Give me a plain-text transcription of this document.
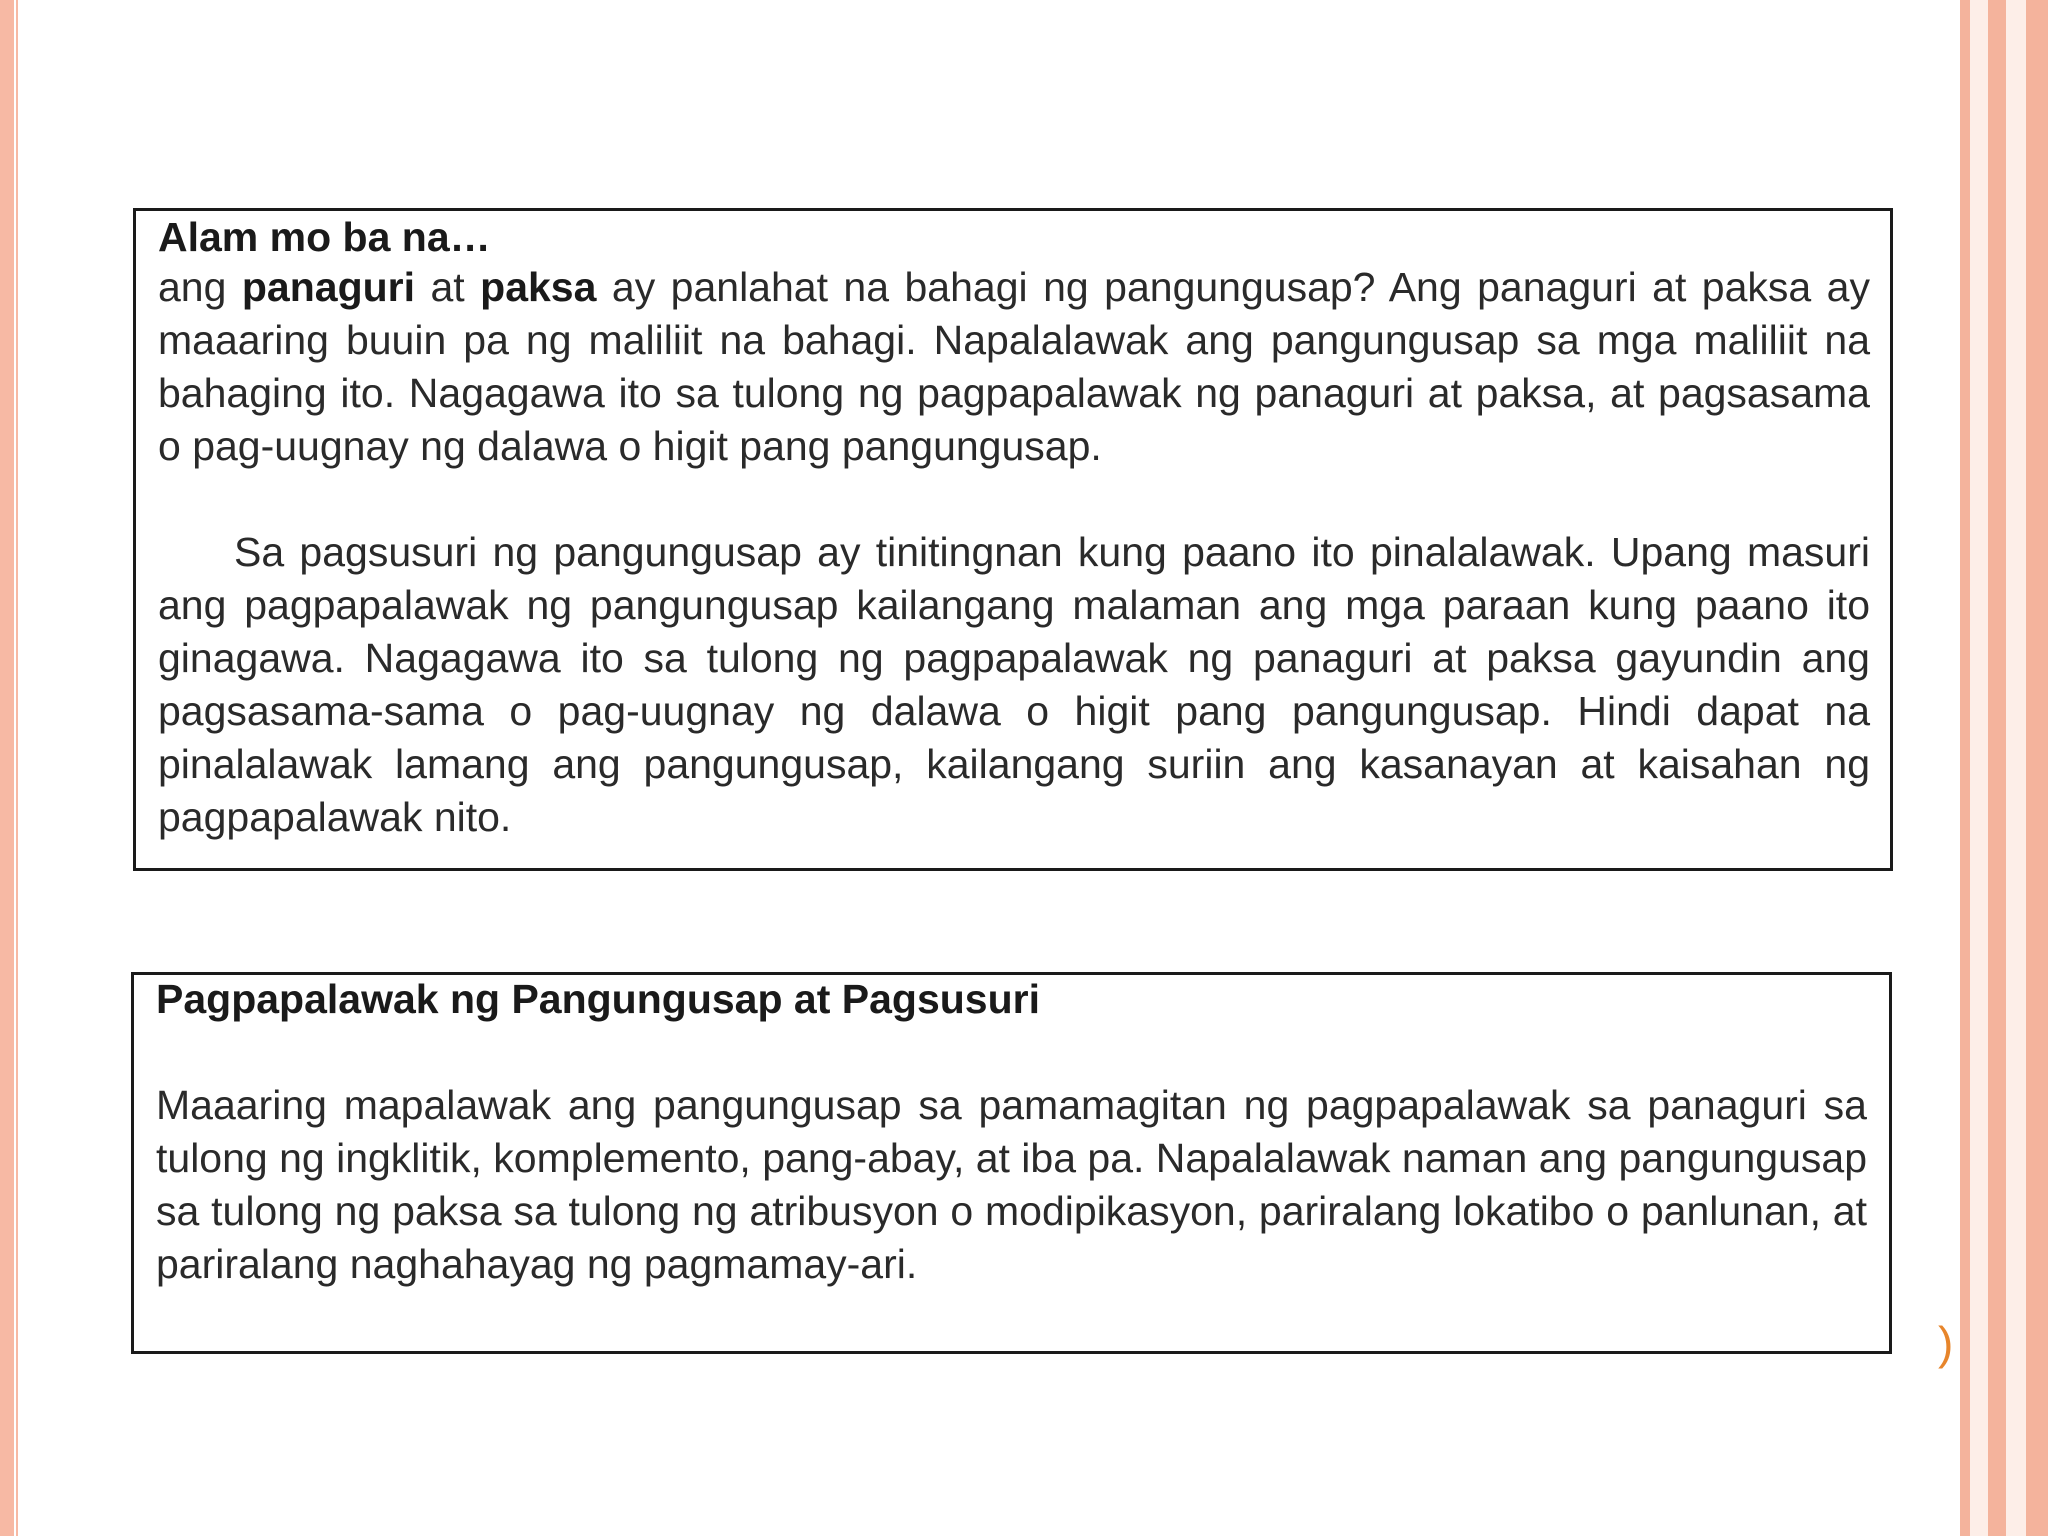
Alam mo ba na…

ang panaguri at paksa ay panlahat na bahagi ng pangungusap? Ang panaguri at paksa ay maaaring buuin pa ng maliliit na bahagi. Napalalawak ang pangungusap sa mga maliliit na bahaging ito. Nagagawa ito sa tulong ng pagpapalawak ng panaguri at paksa, at pagsasama o pag-uugnay ng dalawa o higit pang pangungusap.

Sa pagsusuri ng pangungusap ay tinitingnan kung paano ito pinalalawak. Upang masuri ang pagpapalawak ng pangungusap kailangang malaman ang mga paraan kung paano ito ginagawa. Nagagawa ito sa tulong ng pagpapalawak ng panaguri at paksa gayundin ang pagsasama-sama o pag-uugnay ng dalawa o higit pang pangungusap. Hindi dapat na pinalalawak lamang ang pangungusap, kailangang suriin ang kasanayan at kaisahan ng pagpapalawak nito.

Pagpapalawak ng Pangungusap at Pagsusuri

Maaaring mapalawak ang pangungusap sa pamamagitan ng pagpapalawak sa panaguri sa tulong ng ingklitik, komplemento, pang-abay, at iba pa. Napalalawak naman ang pangungusap sa tulong ng paksa sa tulong ng atribusyon o modipikasyon, pariralang lokatibo o panlunan, at pariralang naghahayag ng pagmamay-ari.

)
